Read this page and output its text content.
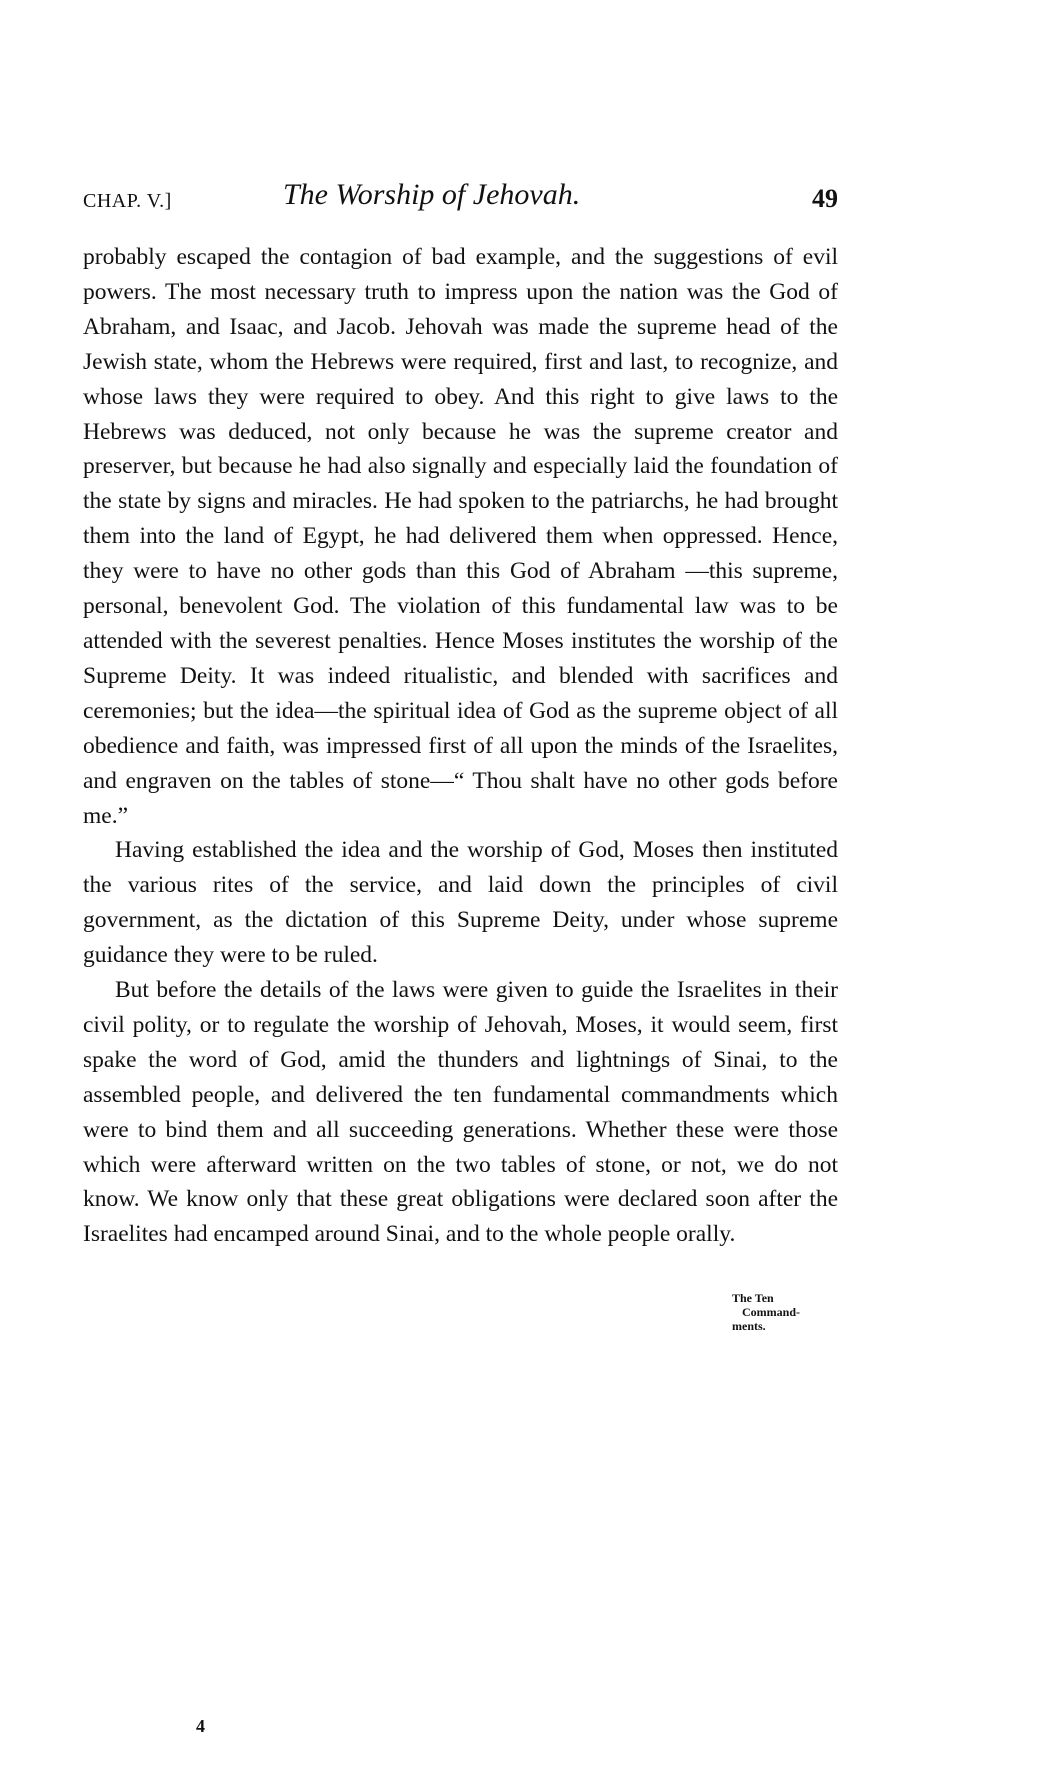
CHAP. V.]	The Worship of Jehovah.	49

probably escaped the contagion of bad example, and the suggestions of evil powers. The most necessary truth to impress upon the nation was the God of Abraham, and Isaac, and Jacob. Jehovah was made the supreme head of the Jewish state, whom the Hebrews were required, first and last, to recognize, and whose laws they were required to obey. And this right to give laws to the Hebrews was deduced, not only because he was the supreme creator and preserver, but because he had also signally and especially laid the foundation of the state by signs and miracles. He had spoken to the patriarchs, he had brought them into the land of Egypt, he had delivered them when oppressed. Hence, they were to have no other gods than this God of Abraham —this supreme, personal, benevolent God. The violation of this fundamental law was to be attended with the severest penalties. Hence Moses institutes the worship of the Supreme Deity. It was indeed ritualistic, and blended with sacrifices and ceremonies; but the idea—the spiritual idea of God as the supreme object of all obedience and faith, was impressed first of all upon the minds of the Israelites, and engraven on the tables of stone—“ Thou shalt have no other gods before me.”

Having established the idea and the worship of God, Moses then instituted the various rites of the service, and laid down the principles of civil government, as the dictation of this Supreme Deity, under whose supreme guidance they were to be ruled.

But before the details of the laws were given to guide the Israelites in their civil polity, or to regulate the worship of Jehovah, Moses, it would seem, first spake the word of God, amid the thunders and lightnings of Sinai, to the assembled people, and delivered the ten fundamental commandments which were to bind them and all succeeding generations. Whether these were those which were afterward written on the two tables of stone, or not, we do not know. We know only that these great obligations were declared soon after the Israelites had encamped around Sinai, and to the whole people orally.

The Ten
Command-
ments.
4
